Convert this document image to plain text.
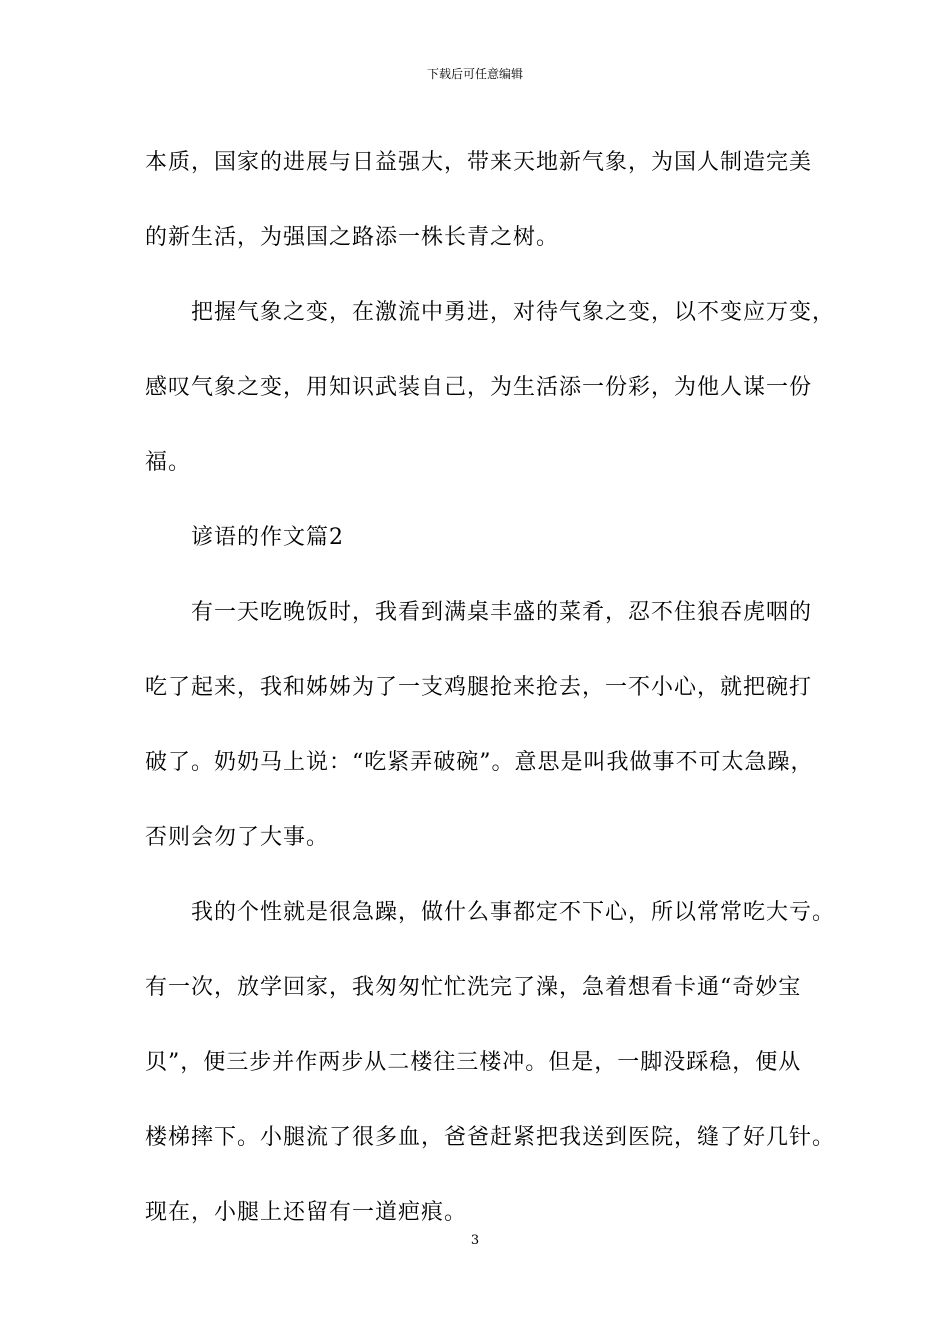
下载后可任意编辑

本质，国家的进展与日益强大，带来天地新气象，为国人制造完美
的新生活，为强国之路添一株长青之树。

把握气象之变，在激流中勇进，对待气象之变，以不变应万变，
感叹气象之变，用知识武装自己，为生活添一份彩，为他人谋一份
福。

谚语的作文篇2

有一天吃晚饭时，我看到满桌丰盛的菜肴，忍不住狼吞虎咽的
吃了起来，我和姊姊为了一支鸡腿抢来抢去，一不小心，就把碗打
破了。奶奶马上说：“吃紧弄破碗”。意思是叫我做事不可太急躁，
否则会勿了大事。

我的个性就是很急躁，做什么事都定不下心，所以常常吃大亏。
有一次，放学回家，我匆匆忙忙洗完了澡，急着想看卡通“奇妙宝
贝”，便三步并作两步从二楼往三楼冲。但是，一脚没踩稳，便从
楼梯摔下。小腿流了很多血，爸爸赶紧把我送到医院，缝了好几针。
现在，小腿上还留有一道疤痕。

3
